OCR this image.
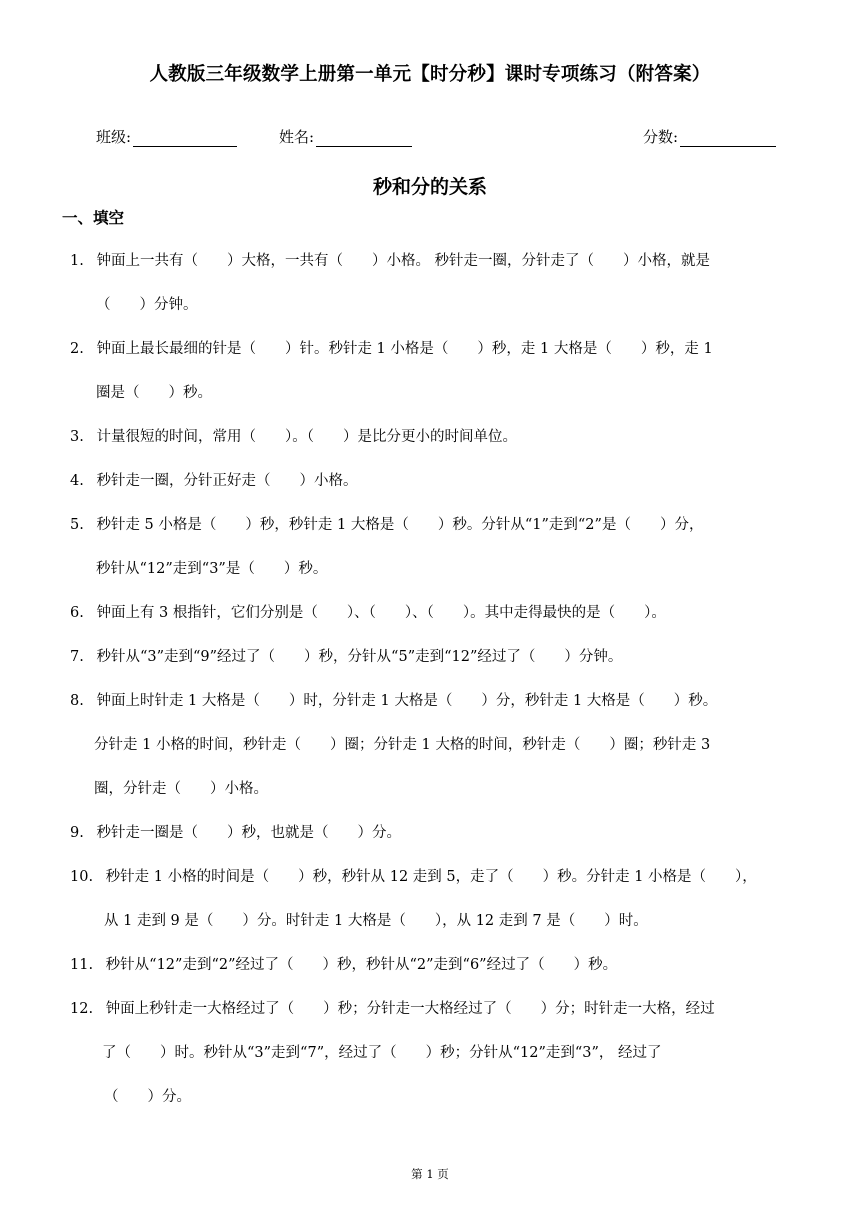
人教版三年级数学上册第一单元【时分秒】课时专项练习（附答案）
班级:	姓名:	分数:
秒和分的关系
一、填空
1. 钟面上一共有（　　）大格，一共有（　　）小格。 秒针走一圈，分针走了（　　）小格，就是
（　　）分钟。
2. 钟面上最长最细的针是（　　）针。秒针走 1 小格是（　　）秒，走 1 大格是（　　）秒，走 1
圈是（　　）秒。
3. 计量很短的时间，常用（　　）。（　　）是比分更小的时间单位。
4. 秒针走一圈，分针正好走（　　）小格。
5. 秒针走 5 小格是（　　）秒，秒针走 1 大格是（　　）秒。分针从“1”走到“2”是（　　）分，
秒针从“12”走到“3”是（　　）秒。
6. 钟面上有 3 根指针，它们分别是（　　）、（　　）、（　　）。其中走得最快的是（　　）。
7. 秒针从“3”走到“9”经过了（　　）秒，分针从“5”走到“12”经过了（　　）分钟。
8. 钟面上时针走 1 大格是（　　）时，分针走 1 大格是（　　）分，秒针走 1 大格是（　　）秒。
分针走 1 小格的时间，秒针走（　　）圈；分针走 1 大格的时间，秒针走（　　）圈；秒针走 3
圈，分针走（　　）小格。
9. 秒针走一圈是（　　）秒，也就是（　　）分。
10. 秒针走 1 小格的时间是（　　）秒，秒针从 12 走到 5，走了（　　）秒。分针走 1 小格是（　　），
从 1 走到 9 是（　　）分。时针走 1 大格是（　　），从 12 走到 7 是（　　）时。
11. 秒针从“12”走到“2”经过了（　　）秒，秒针从“2”走到“6”经过了（　　）秒。
12. 钟面上秒针走一大格经过了（　　）秒；分针走一大格经过了（　　）分；时针走一大格，经过
了（　　）时。秒针从“3”走到“7”，经过了（　　）秒；分针从“12”走到“3”， 经过了
（　　）分。
第 1 页
